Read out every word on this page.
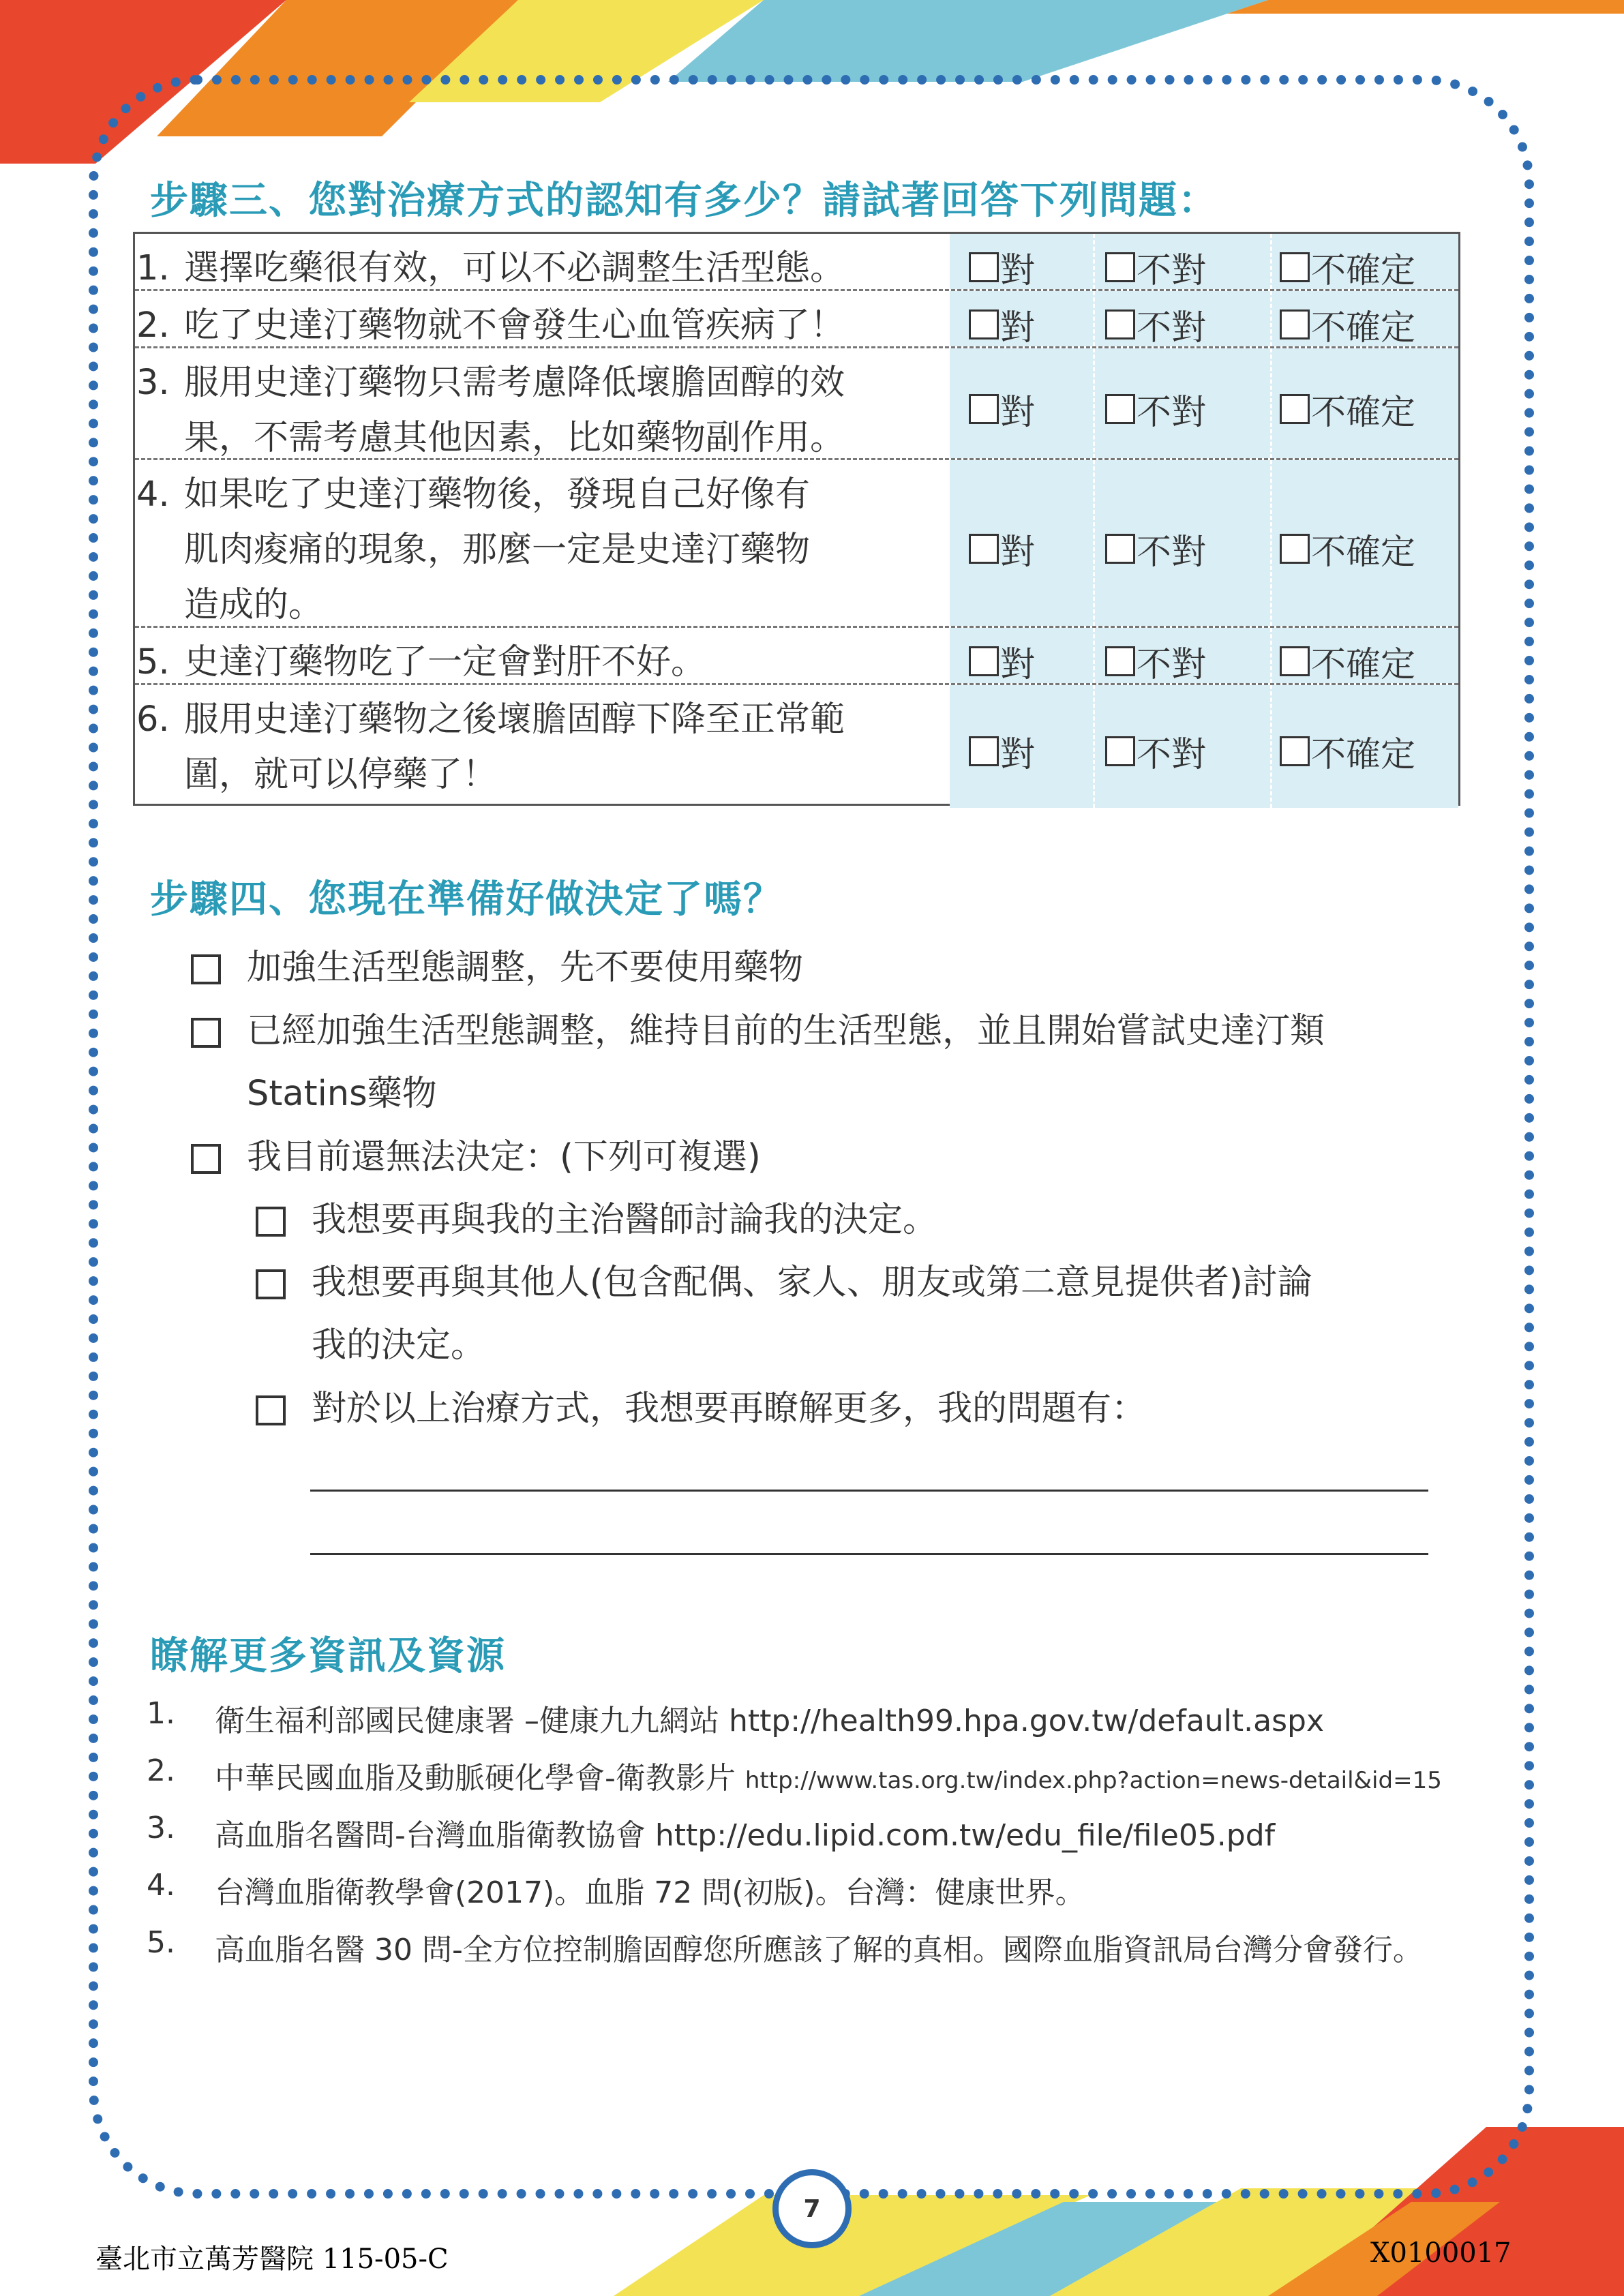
步驟三、您對治療方式的認知有多少？請試著回答下列問題：
1. 選擇吃藥很有效，可以不必調整生活型態。	對	不對	不確定
2. 吃了史達汀藥物就不會發生心血管疾病了！	對	不對	不確定
3. 服用史達汀藥物只需考慮降低壞膽固醇的效
果，不需考慮其他因素，比如藥物副作用。
對	不對	不確定
4. 如果吃了史達汀藥物後，發現自己好像有
肌肉痠痛的現象，那麼一定是史達汀藥物
造成的。
對	不對	不確定
5. 史達汀藥物吃了一定會對肝不好。	對	不對	不確定
6. 服用史達汀藥物之後壞膽固醇下降至正常範
圍，就可以停藥了！	對	不對	不確定
步驟四、您現在準備好做決定了嗎？
加強生活型態調整，先不要使用藥物
已經加強生活型態調整，維持目前的生活型態，並且開始嘗試史達汀類
Statins藥物
我目前還無法決定：(下列可複選)
我想要再與我的主治醫師討論我的決定。
我想要再與其他人(包含配偶、家人、朋友或第二意見提供者)討論
我的決定。
對於以上治療方式，我想要再瞭解更多，我的問題有：
瞭解更多資訊及資源
1. 衛生福利部國民健康署 –健康九九網站 http://health99.hpa.gov.tw/default.aspx
2. 中華民國血脂及動脈硬化學會-衛教影片 http://www.tas.org.tw/index.php?action=news-detail&id=15
3. 高血脂名醫問-台灣血脂衛教協會 http://edu.lipid.com.tw/edu_file/file05.pdf
4. 台灣血脂衛教學會(2017)。血脂 72 問(初版)。台灣：健康世界。
5. 高血脂名醫 30 問-全方位控制膽固醇您所應該了解的真相。國際血脂資訊局台灣分會發行。
7
臺北市立萬芳醫院 115-05-C	X0100017
